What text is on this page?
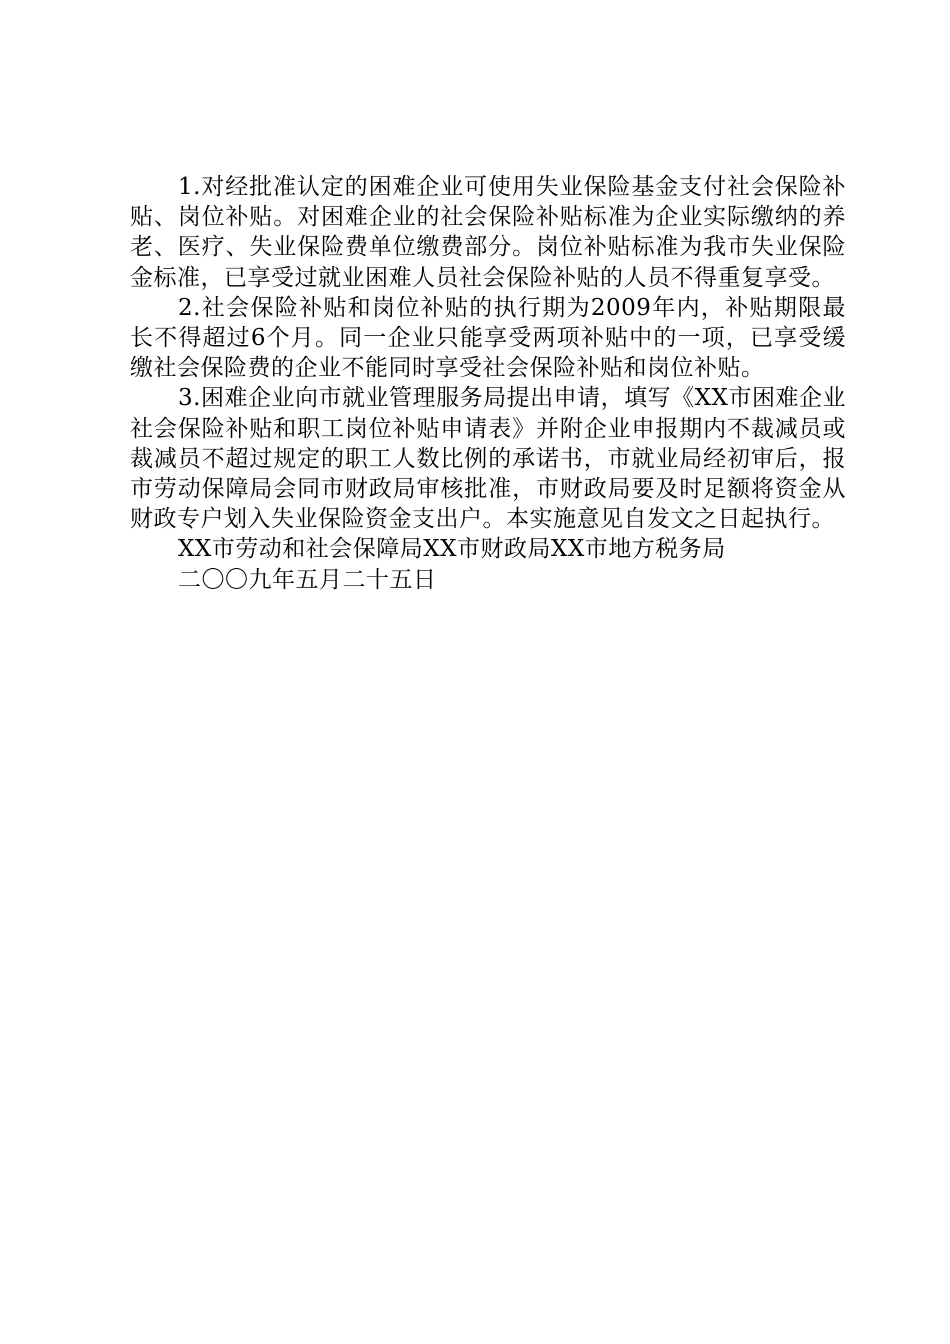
1.对经批准认定的困难企业可使用失业保险基金支付社会保险补贴、岗位补贴。对困难企业的社会保险补贴标准为企业实际缴纳的养老、医疗、失业保险费单位缴费部分。岗位补贴标准为我市失业保险金标准，已享受过就业困难人员社会保险补贴的人员不得重复享受。

2.社会保险补贴和岗位补贴的执行期为2009年内，补贴期限最长不得超过6个月。同一企业只能享受两项补贴中的一项，已享受缓缴社会保险费的企业不能同时享受社会保险补贴和岗位补贴。

3.困难企业向市就业管理服务局提出申请，填写《XX市困难企业社会保险补贴和职工岗位补贴申请表》并附企业申报期内不裁减员或裁减员不超过规定的职工人数比例的承诺书，市就业局经初审后，报市劳动保障局会同市财政局审核批准，市财政局要及时足额将资金从财政专户划入失业保险资金支出户。本实施意见自发文之日起执行。

XX市劳动和社会保障局XX市财政局XX市地方税务局

二〇〇九年五月二十五日
